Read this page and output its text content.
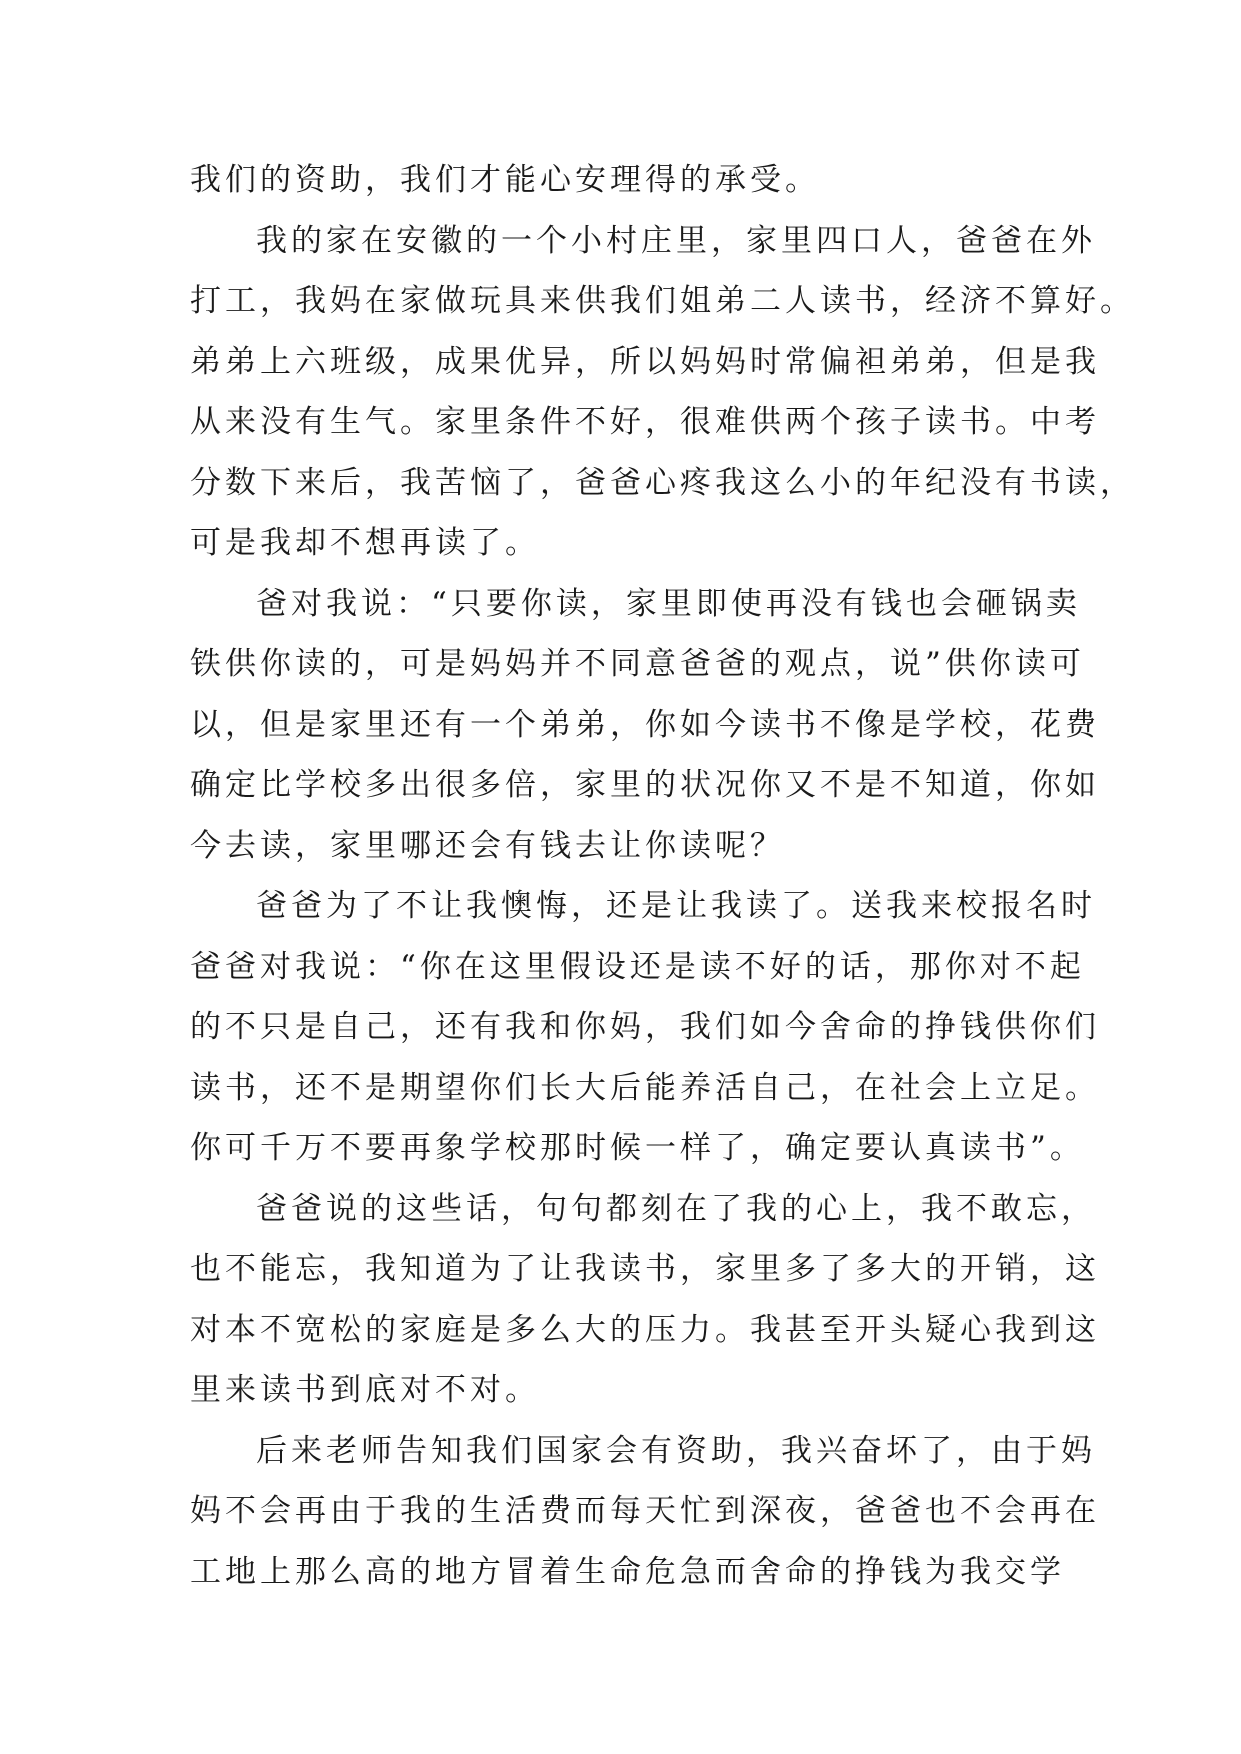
我们的资助，我们才能心安理得的承受。

我的家在安徽的一个小村庄里，家里四口人，爸爸在外
打工，我妈在家做玩具来供我们姐弟二人读书，经济不算好。
弟弟上六班级，成果优异，所以妈妈时常偏袒弟弟，但是我
从来没有生气。家里条件不好，很难供两个孩子读书。中考
分数下来后，我苦恼了，爸爸心疼我这么小的年纪没有书读，
可是我却不想再读了。

爸对我说：“只要你读，家里即使再没有钱也会砸锅卖
铁供你读的，可是妈妈并不同意爸爸的观点，说”供你读可
以，但是家里还有一个弟弟，你如今读书不像是学校，花费
确定比学校多出很多倍，家里的状况你又不是不知道，你如
今去读，家里哪还会有钱去让你读呢？

爸爸为了不让我懊悔，还是让我读了。送我来校报名时
爸爸对我说：“你在这里假设还是读不好的话，那你对不起
的不只是自己，还有我和你妈，我们如今舍命的挣钱供你们
读书，还不是期望你们长大后能养活自己，在社会上立足。
你可千万不要再象学校那时候一样了，确定要认真读书”。

爸爸说的这些话，句句都刻在了我的心上，我不敢忘，
也不能忘，我知道为了让我读书，家里多了多大的开销，这
对本不宽松的家庭是多么大的压力。我甚至开头疑心我到这
里来读书到底对不对。

后来老师告知我们国家会有资助，我兴奋坏了，由于妈
妈不会再由于我的生活费而每天忙到深夜，爸爸也不会再在
工地上那么高的地方冒着生命危急而舍命的挣钱为我交学
